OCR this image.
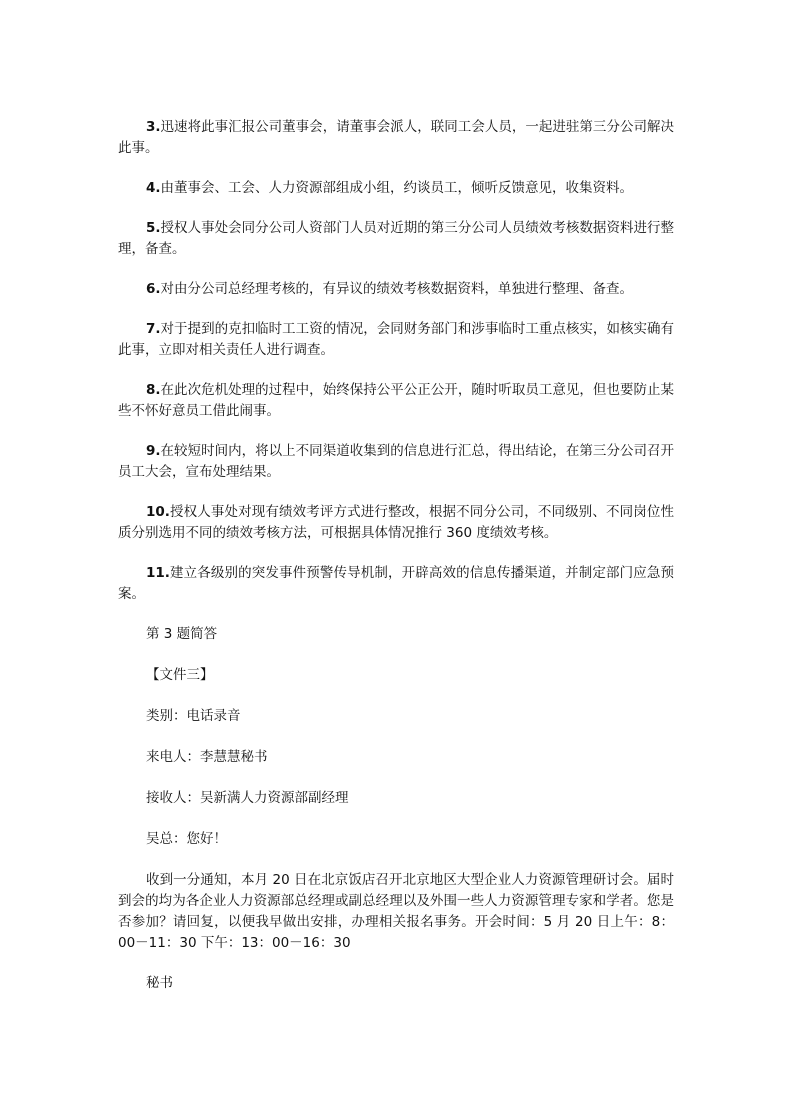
3.迅速将此事汇报公司董事会，请董事会派人，联同工会人员，一起进驻第三分公司解决此事。

4.由董事会、工会、人力资源部组成小组，约谈员工，倾听反馈意见，收集资料。

5.授权人事处会同分公司人资部门人员对近期的第三分公司人员绩效考核数据资料进行整理，备查。

6.对由分公司总经理考核的，有异议的绩效考核数据资料，单独进行整理、备查。

7.对于提到的克扣临时工工资的情况，会同财务部门和涉事临时工重点核实，如核实确有此事，立即对相关责任人进行调查。

8.在此次危机处理的过程中，始终保持公平公正公开，随时听取员工意见，但也要防止某些不怀好意员工借此闹事。

9.在较短时间内，将以上不同渠道收集到的信息进行汇总，得出结论，在第三分公司召开员工大会，宣布处理结果。

10.授权人事处对现有绩效考评方式进行整改，根据不同分公司，不同级别、不同岗位性质分别选用不同的绩效考核方法，可根据具体情况推行 360 度绩效考核。

11.建立各级别的突发事件预警传导机制，开辟高效的信息传播渠道，并制定部门应急预案。

第 3 题简答

【文件三】

类别：电话录音

来电人：李慧慧秘书

接收人：吴新满人力资源部副经理

吴总：您好！

收到一分通知，本月 20 日在北京饭店召开北京地区大型企业人力资源管理研讨会。届时到会的均为各企业人力资源部总经理或副总经理以及外围一些人力资源管理专家和学者。您是否参加？请回复，以便我早做出安排，办理相关报名事务。开会时间：5 月 20 日上午：8：00－11：30 下午：13：00－16：30

秘书
